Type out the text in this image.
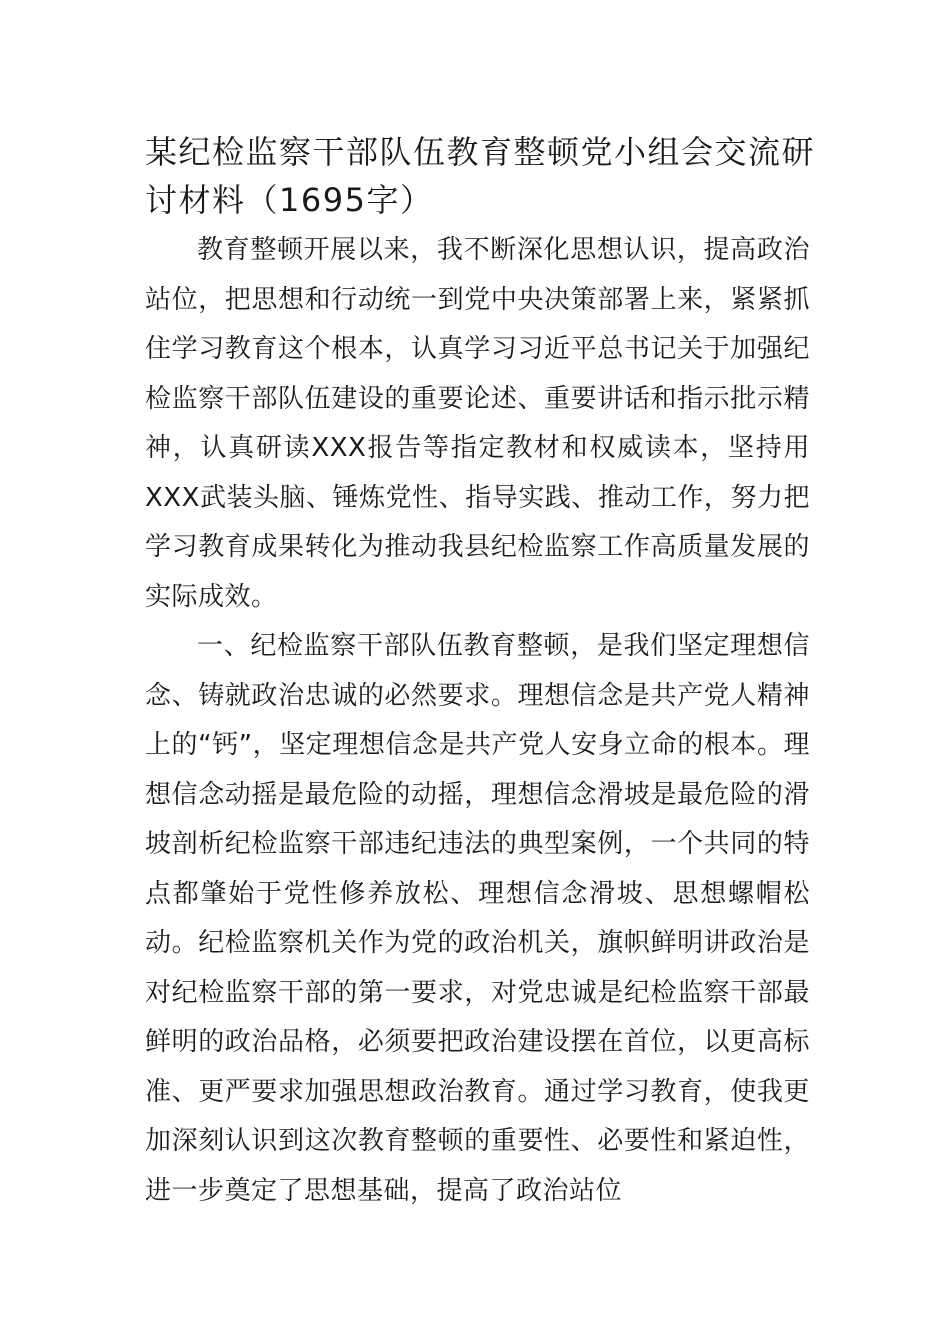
某纪检监察干部队伍教育整顿党小组会交流研讨材料（1695字）

教育整顿开展以来，我不断深化思想认识，提高政治站位，把思想和行动统一到党中央决策部署上来，紧紧抓住学习教育这个根本，认真学习习近平总书记关于加强纪检监察干部队伍建设的重要论述、重要讲话和指示批示精神，认真研读XXX报告等指定教材和权威读本，坚持用XXX武装头脑、锤炼党性、指导实践、推动工作，努力把学习教育成果转化为推动我县纪检监察工作高质量发展的实际成效。

一、纪检监察干部队伍教育整顿，是我们坚定理想信念、铸就政治忠诚的必然要求。理想信念是共产党人精神上的“钙”，坚定理想信念是共产党人安身立命的根本。理想信念动摇是最危险的动摇，理想信念滑坡是最危险的滑坡剖析纪检监察干部违纪违法的典型案例，一个共同的特点都肇始于党性修养放松、理想信念滑坡、思想螺帽松动。纪检监察机关作为党的政治机关，旗帜鲜明讲政治是对纪检监察干部的第一要求，对党忠诚是纪检监察干部最鲜明的政治品格，必须要把政治建设摆在首位，以更高标准、更严要求加强思想政治教育。通过学习教育，使我更加深刻认识到这次教育整顿的重要性、必要性和紧迫性，进一步奠定了思想基础，提高了政治站位
